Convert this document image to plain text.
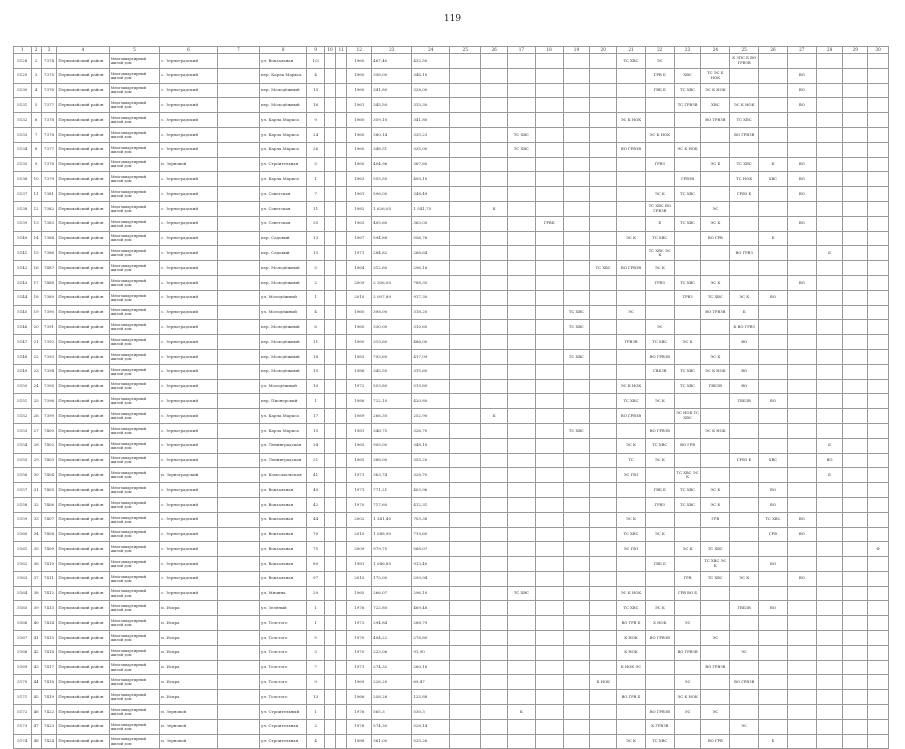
119
1	2	3	4	5	6	7	8	9	10	11	12	23	24	25	26	17	18	19	20	21	22	23	24	25	26	27	28	29	30
5128	2	7374	Первомайский район	Многоквартирный жилой дом	с. Зерноградский		ул. Вокзальная	1/3			1960	467,40	432,50							ТС ХВС	ЭС			К ЗПС Б ВО ГРВЗВ					
5129	3	7375	Первомайский район	Многоквартирный жилой дом	с. Зерноградский		пер. Карла Маркса	4			1960	356,00	346,10								ГРВ Б	ХВС	ТС ЭС Б НОК			ВО			
5130	4	7376	Первомайский район	Многоквартирный жилой дом	с. Зерноградский		пер. Молодёжный	15			1960	341,80	328,00								ГВБ Б	ТС ХВС	ЭС К НОК			ВО			
5131	5	7377	Первомайский район	Многоквартирный жилой дом	с. Зерноградский		пер. Молодёжный	16			1961	345,50	315,30									ТС ГРВЗВ	ХВС	ЭС К НОК		ВО			
5132	6	7378	Первомайский район	Многоквартирный жилой дом	с. Зерноградский		ул. Карла Маркса	9			1960	359,10	341,80							ЭС К НОК			ВО ГРВЗВ	ТС ХВС					
5133	7	7378	Первомайский район	Многоквартирный жилой дом	с. Зерноградский		ул. Карла Маркса	24			1960	360,14	335,23			ТС ХВС					ЭС К НОК			ВО ГРВЗВ					
5134	8	7377	Первомайский район	Многоквартирный жилой дом	с. Зерноградский		ул. Карла Маркса	26			1960	348,51	335,00			ТС ХВС				ВО ГРВЗВ		ЭС К НОК							
5135	9	7378	Первомайский район	Многоквартирный жилой дом	п. Зерновой		ул. Строительная	5			1960	404,96	367,60								ГРВЗ		ЭС Б	ТС ХВС	К	ВО			
5136	10	7379	Первомайский район	Многоквартирный жилой дом	с. Зерноградский		ул. Карла Маркса	1			1963	555,50	405,10									ГРВЗВ		ТС НОК	ХВС	ВО			
5137	11	7381	Первомайский район	Многоквартирный жилой дом	с. Зерноградский		ул. Советская	7			1961	596,00	348,49								ЭС К	ТС ХВС		ГРВЗ Б		ВО			
5138	12	7382	Первомайский район	Многоквартирный жилой дом	с. Зерноградский		ул. Советская	11			1982	1 626,05	1 541,75		К						ТС ХВС ВО ГРВЗВ		ЭС						
5139	13	7383	Первомайский район	Многоквартирный жилой дом	с. Зерноградский		ул. Советская	35			1963	405,60	363,05				ГРВБ				Б	ТС ХВС	ЭС К			ВО			
5140	14	7384	Первомайский район	Многоквартирный жилой дом	с. Зерноградский		пер. Садовый	13			1967	594,88	556,76							ЭС К	ТС ХВС		ВО ГРВ		Б				
5141	15	7386	Первомайский район	Многоквартирный жилой дом	с. Зерноградский		пер. Садовый	15			1971	284,82	268,64								ТС ХВС ЭС К			ВО ГРВЗ			Б		
5142	16	7487	Первомайский район	Многоквартирный жилой дом	с. Зерноградский		пер. Молодёжный	5			1964	312,60	296,16						ТС ХВС	ВО ГРВЗВ	ЭС К								
5143	17	7488	Первомайский район	Многоквартирный жилой дом	с. Зерноградский		пер. Молодёжный	2			2009	2 306,00	788,35								ГРВЗ	ТС ХВС	ЭС К			ВО			
5144	18	7389	Первомайский район	Многоквартирный жилой дом	с. Зерноградский		ул. Молодёжный	1			2010	2 007,80	917,30									ГРВЗ	ТС ХВС	ЭС К	ВО				
5145	19	7390	Первомайский район	Многоквартирный жилой дом	с. Зерноградский		ул. Молодёжный	4			1960	308,00	318,20					ТС ХВС		ЭС			ВО ГРВЗВ	Б					
5146	20	7391	Первомайский район	Многоквартирный жилой дом	с. Зерноградский		пер. Молодёжный	6			1960	330,00	310,60					ТС ХВС			ЭС			К ВО ГРВЗ					
5147	21	7392	Первомайский район	Многоквартирный жилой дом	с. Зерноградский		пер. Молодёжный	11			1960	319,60	466,00							ГРВЗВ	ТС ХВС	ЭС К		ВО					
5148	22	7393	Первомайский район	Многоквартирный жилой дом	с. Зерноградский		пер. Молодёжный	18			1983	793,60	417,09					ТС ХВС			ВО ГРВЗВ		ЭС К						
5149	23	7394	Первомайский район	Многоквартирный жилой дом	с. Зерноградский		пер. Молодёжный	15			1986	345,50	315,60								ГВБЗВ	ТС ХВС	ЭС К НОК	ВО					
5150	24	7395	Первомайский район	Многоквартирный жилой дом	с. Зерноградский		ул. Молодёжный	10			1972	553,80	519,80							ЭС К НОК		ТС ХВС	ГВБЗВ	ВО					
5151	25	7396	Первомайский район	Многоквартирный жилой дом	с. Зерноградский		пер. Пионерский	1			1986	722,10	420,80							ТС ХВС	ЭС К			ГВБЗВ	ВО				
5152	26	7399	Первомайский район	Многоквартирный жилой дом	с. Зерноградский		ул. Карла Маркса	17			1989	266,30	252,90		К					ВО ГРВЗВ		ЭС НОК ТС ХВС							
5153	27	7400	Первомайский район	Многоквартирный жилой дом	с. Зерноградский		ул. Карла Маркса	15			1981	346,75	326,70					ТС ХВС			ВО ГРВЗВ		ЭС К НОК						
5154	28	7402	Первомайский район	Многоквартирный жилой дом	с. Зерноградский		ул. Ленинградская	34			1965	905,00	348,10							ЭС К	ТС ХВС	ВО ГРВ					Б		
5155	29	7403	Первомайский район	Многоквартирный жилой дом	с. Зерноградский		ул. Ленинградская	21			1965	368,00	355,20							ТС	ЭС К			ГРВЗ Б	ХВС		ВО		
5156	30	7404	Первомайский район	Многоквартирный жилой дом	п. Зерноградский		ул. Комсомольская	41			1971	363,74	328,70							ЭС ГВЗ		ТС ХВС ЭС К					Б		
5157	31	7405	Первомайский район	Многоквартирный жилой дом	с. Зерноградский		ул. Вокзальная	40			1971	771,21	403,96								ГВБ Б	ТС ХВС	ЭС К		ВО				
5158	32	7406	Первомайский район	Многоквартирный жилой дом	с. Зерноградский		ул. Вокзальная	42			1970	717,60	412,31								ГРВЗ	ТС ХВС	ЭС К		ВО				
5159	33	7407	Первомайский район	Многоквартирный жилой дом	с. Зерноградский		ул. Вокзальная	44			2002	1 341,40	703,38							ЭС К			ГРВ		ТС ХВС	ВО			
5160	34	7408	Первомайский район	Многоквартирный жилой дом	с. Зерноградский		ул. Вокзальная	70			2010	1 048,90	719,60							ТС ХВС	ЭС К				ГРВ	ВО			
5161	35	7409	Первомайский район	Многоквартирный жилой дом	с. Зерноградский		ул. Вокзальная	75			2009	979,75	568,07							ЭС ГВЗ		ЭС К	ТС ХВС						Ф
5162	36	7410	Первомайский район	Многоквартирный жилой дом	с. Зерноградский		ул. Вокзальная	80			1981	1 046,85	913,40								ГВБ Б		ТС ХВС ЭС К		ВО				
5163	37	7411	Первомайский район	Многоквартирный жилой дом	с. Зерноградский		ул. Вокзальная	97			2010	175,00	293,94									ГРВ	ТС ХВС	ЭС К		ВО			
5164	38	7412	Первомайский район	Многоквартирный жилой дом	с. Зерноградский		ул. Мичина	20			1965	266,07	296,10			ТС ХВС				ЭС К НОК		ГРВ ВО Б							
5165	39	7413	Первомайский район	Многоквартирный жилой дом	п. Искра		ул. Зелёный	1			1976	722,80	469,48							ТС ХВС	ЭС К			ГВБЗВ	ВО				
5166	40	7414	Первомайский район	Многоквартирный жилой дом	п. Искра		ул. Толстого	1			1972	294,84	288,79							ВО ГРВ Б	Х НОК	ЭС							
5167	41	7415	Первомайский район	Многоквартирный жилой дом	п. Искра		ул. Толстого	5			1970	404,22	278,80							К НОК	ВО ГРВЗВ		ЭС						
5168	42	7416	Первомайский район	Многоквартирный жилой дом	п. Искра		ул. Толстого	3			1970	223,06	91,90							К НОК		ВО ГРВЗВ		ЭС					
5169	43	7417	Первомайский район	Многоквартирный жилой дом	п. Искра		ул. Толстого	7			1971	274,32	260,16							К НОК ЭС			ВО ГРВЗВ						
5170	44	7418	Первомайский район	Многоквартирный жилой дом	п. Искра		ул. Толстого	9			1969	226,20	69,47						К НОК			ЭС		ВО ГРВЗВ					
5171	45	7419	Первомайский район	Многоквартирный жилой дом	п. Искра		ул. Толстого	13			1966	258,26	125,88							ВО ГРВ Б		ЭС К НОК							
5172	46	7422	Первомайский район	Многоквартирный жилой дом	п. Зерновой		ул. Строительный	1			1976	565,3	530,3			К					ВО ГРВЗВ	ЭС	ЭС						
5173	47	7423	Первомайский район	Многоквартирный жилой дом	п. Зерновой		ул. Строительная	2			1976	574,30	528,14								К ГРВЗВ			ЭС					
5174	48	7424	Первомайский район	Многоквартирный жилой дом	п. Зерновой		ул. Строительная	4			1988	361,00	525,26							ЭС К	ТС ХВС		ВО ГРВ		Б				
